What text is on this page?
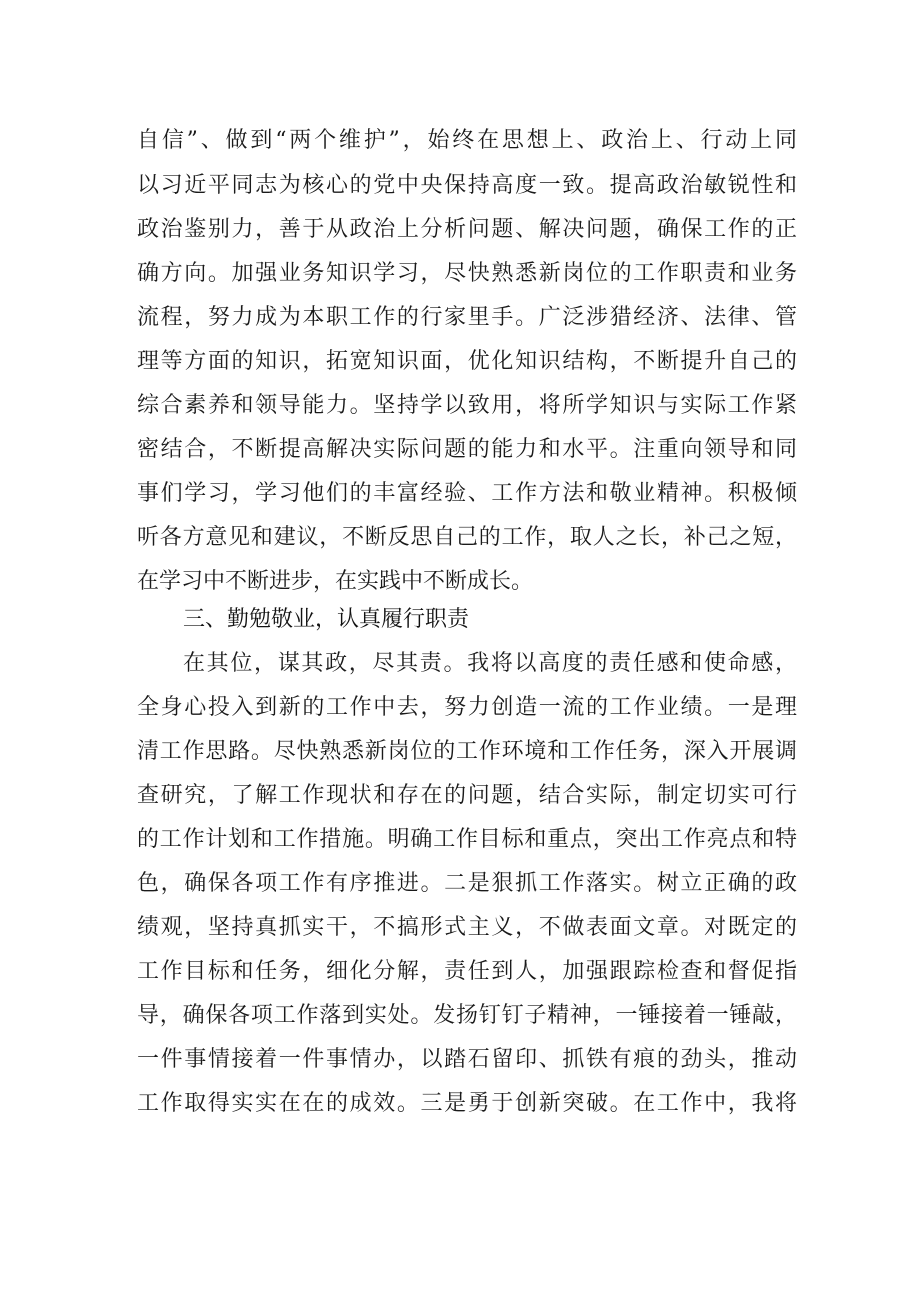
自信”、做到“两个维护”，始终在思想上、政治上、行动上同
以习近平同志为核心的党中央保持高度一致。提高政治敏锐性和
政治鉴别力，善于从政治上分析问题、解决问题，确保工作的正
确方向。加强业务知识学习，尽快熟悉新岗位的工作职责和业务
流程，努力成为本职工作的行家里手。广泛涉猎经济、法律、管
理等方面的知识，拓宽知识面，优化知识结构，不断提升自己的
综合素养和领导能力。坚持学以致用，将所学知识与实际工作紧
密结合，不断提高解决实际问题的能力和水平。注重向领导和同
事们学习，学习他们的丰富经验、工作方法和敬业精神。积极倾
听各方意见和建议，不断反思自己的工作，取人之长，补己之短，
在学习中不断进步，在实践中不断成长。
三、勤勉敬业，认真履行职责
在其位，谋其政，尽其责。我将以高度的责任感和使命感，
全身心投入到新的工作中去，努力创造一流的工作业绩。一是理
清工作思路。尽快熟悉新岗位的工作环境和工作任务，深入开展调
查研究，了解工作现状和存在的问题，结合实际，制定切实可行
的工作计划和工作措施。明确工作目标和重点，突出工作亮点和特
色，确保各项工作有序推进。二是狠抓工作落实。树立正确的政
绩观，坚持真抓实干，不搞形式主义，不做表面文章。对既定的
工作目标和任务，细化分解，责任到人，加强跟踪检查和督促指
导，确保各项工作落到实处。发扬钉钉子精神，一锤接着一锤敲，
一件事情接着一件事情办，以踏石留印、抓铁有痕的劲头，推动
工作取得实实在在的成效。三是勇于创新突破。在工作中，我将
